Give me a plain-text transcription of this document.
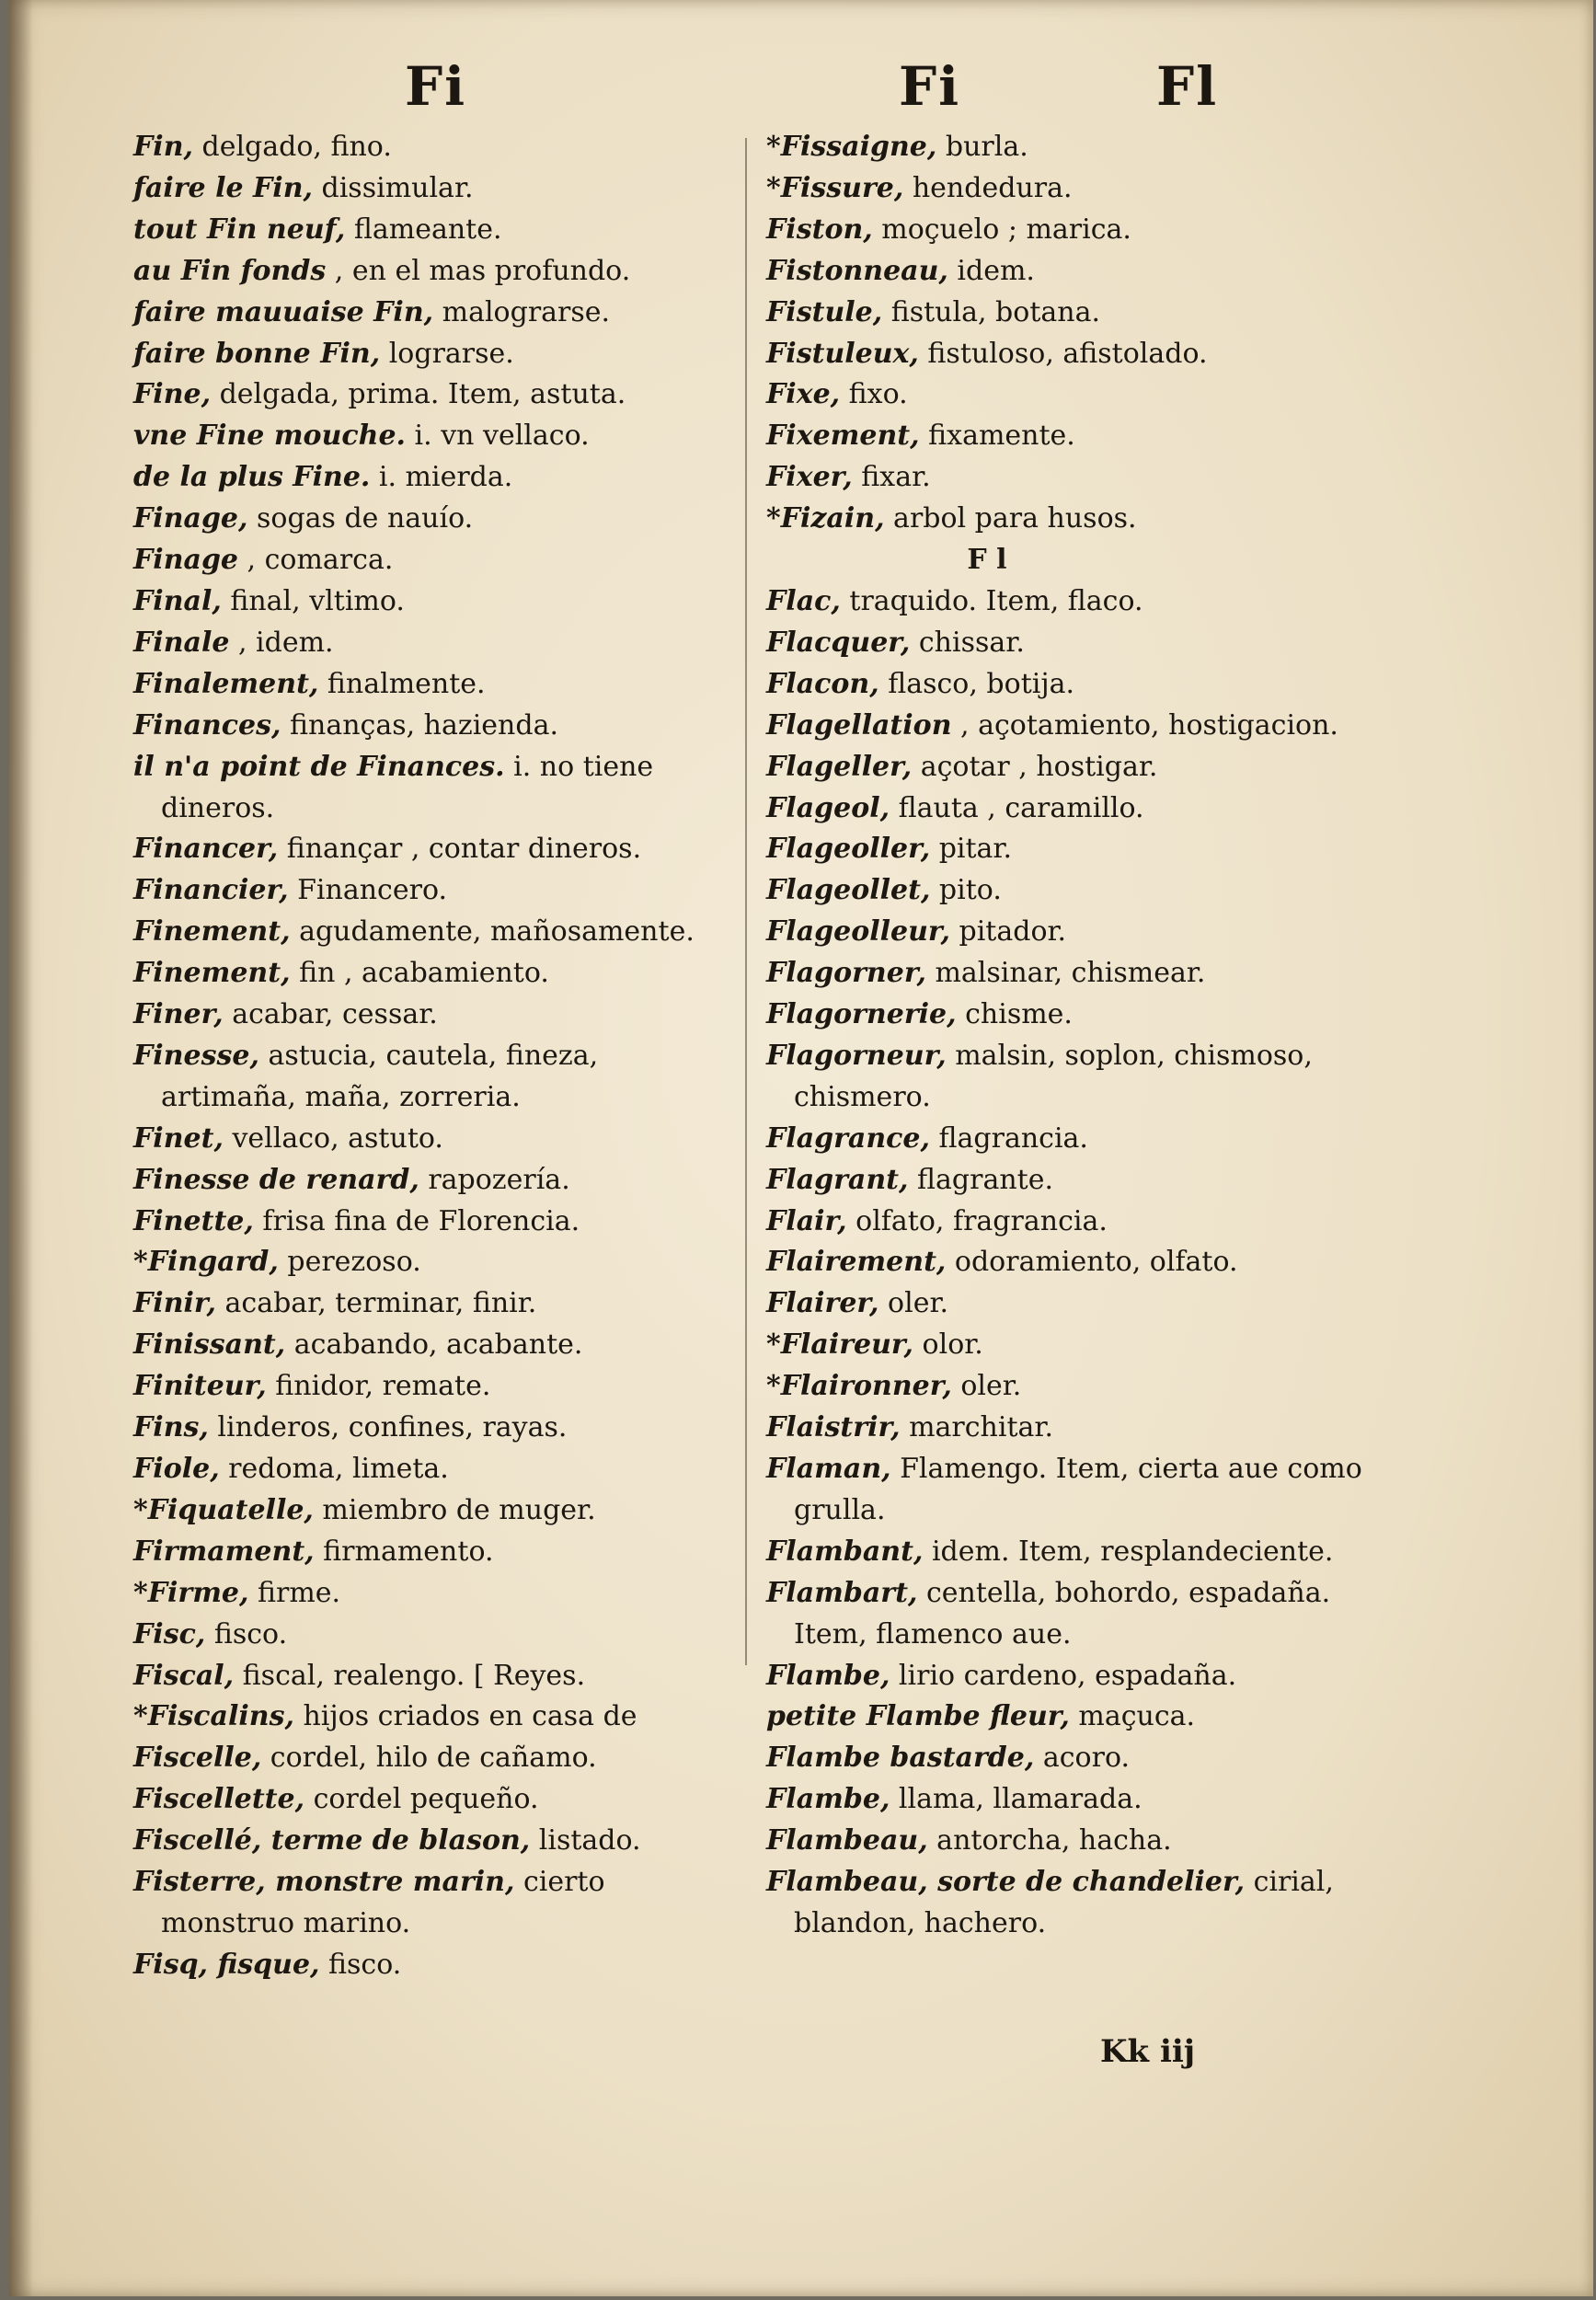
Fi	Fi	Fl

Fin, delgado, fino.

faire le Fin, dissimular.

tout Fin neuf, flameante.

au Fin fonds , en el mas profundo.

faire mauuaise Fin, malograrse.

faire bonne Fin, lograrse.

Fine, delgada, prima. Item, astuta.

vne Fine mouche. i. vn vellaco.

de la plus Fine. i. mierda.

Finage, sogas de nauío.

Finage , comarca.

Final, final, vltimo.

Finale , idem.

Finalement, finalmente.

Finances, finanças, hazienda.

il n'a point de Finances. i. no tiene dineros.

Financer, finançar , contar dineros.

Financier, Financero.

Finement, agudamente, mañosamente.

Finement, fin , acabamiento.

Finer, acabar, cessar.

Finesse, astucia, cautela, fineza, artimaña, maña, zorreria.

Finet, vellaco, astuto.

Finesse de renard, rapozería.

Finette, frisa fina de Florencia.

*Fingard, perezoso.

Finir, acabar, terminar, finir.

Finissant, acabando, acabante.

Finiteur, finidor, remate.

Fins, linderos, confines, rayas.

Fiole, redoma, limeta.

*Fiquatelle, miembro de muger.

Firmament, firmamento.

*Firme, firme.

Fisc, fisco.

Fiscal, fiscal, realengo. [ Reyes.

*Fiscalins, hijos criados en casa de

Fiscelle, cordel, hilo de cañamo.

Fiscellette, cordel pequeño.

Fiscellé, terme de blason, listado.

Fisterre, monstre marin, cierto monstruo marino.

Fisq, fisque, fisco.

*Fissaigne, burla.

*Fissure, hendedura.

Fiston, moçuelo ; marica.

Fistonneau, idem.

Fistule, fistula, botana.

Fistuleux, fistuloso, afistolado.

Fixe, fixo.

Fixement, fixamente.

Fixer, fixar.

*Fizain, arbol para husos.

F l

Flac, traquido. Item, flaco.

Flacquer, chissar.

Flacon, flasco, botija.

Flagellation , açotamiento, hostigacion.

Flageller, açotar , hostigar.

Flageol, flauta , caramillo.

Flageoller, pitar.

Flageollet, pito.

Flageolleur, pitador.

Flagorner, malsinar, chismear.

Flagornerie, chisme.

Flagorneur, malsin, soplon, chismoso, chismero.

Flagrance, flagrancia.

Flagrant, flagrante.

Flair, olfato, fragrancia.

Flairement, odoramiento, olfato.

Flairer, oler.

*Flaireur, olor.

*Flaironner, oler.

Flaistrir, marchitar.

Flaman, Flamengo. Item, cierta aue como grulla.

Flambant, idem. Item, resplandeciente.

Flambart, centella, bohordo, espadaña. Item, flamenco aue.

Flambe, lirio cardeno, espadaña.

petite Flambe fleur, maçuca.

Flambe bastarde, acoro.

Flambe, llama, llamarada.

Flambeau, antorcha, hacha.

Flambeau, sorte de chandelier, cirial, blandon, hachero.

Kk iij
